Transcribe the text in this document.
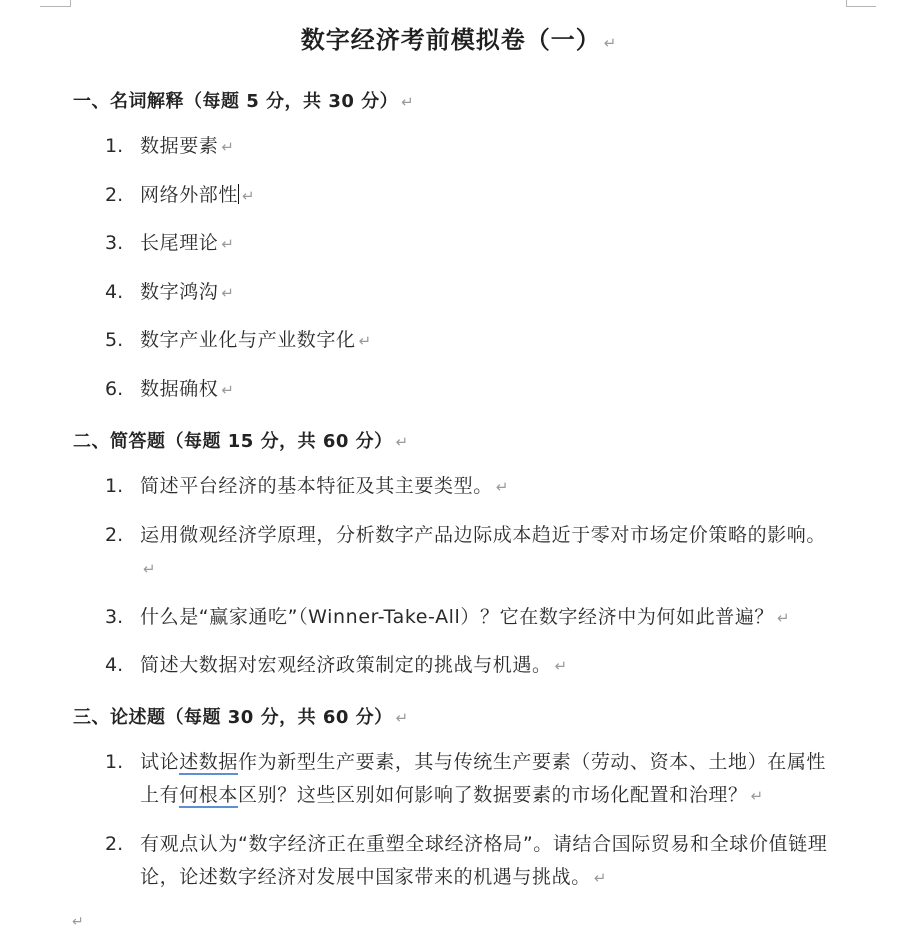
数字经济考前模拟卷（一） ↵
一、名词解释（每题 5 分，共 30 分） ↵
1. 数据要素 ↵
2. 网络外部性 ↵
3. 长尾理论 ↵
4. 数字鸿沟 ↵
5. 数字产业化与产业数字化 ↵
6. 数据确权 ↵
二、简答题（每题 15 分，共 60 分） ↵
1. 简述平台经济的基本特征及其主要类型。 ↵
2. 运用微观经济学原理，分析数字产品边际成本趋近于零对市场定价策略的影响。↵
3. 什么是“赢家通吃”（Winner-Take-All）？它在数字经济中为何如此普遍？ ↵
4. 简述大数据对宏观经济政策制定的挑战与机遇。 ↵
三、论述题（每题 30 分，共 60 分） ↵
1. 试论述数据作为新型生产要素，其与传统生产要素（劳动、资本、土地）在属性上有何根本区别？这些区别如何影响了数据要素的市场化配置和治理？ ↵
2. 有观点认为“数字经济正在重塑全球经济格局”。请结合国际贸易和全球价值链理论，论述数字经济对发展中国家带来的机遇与挑战。 ↵
↵
